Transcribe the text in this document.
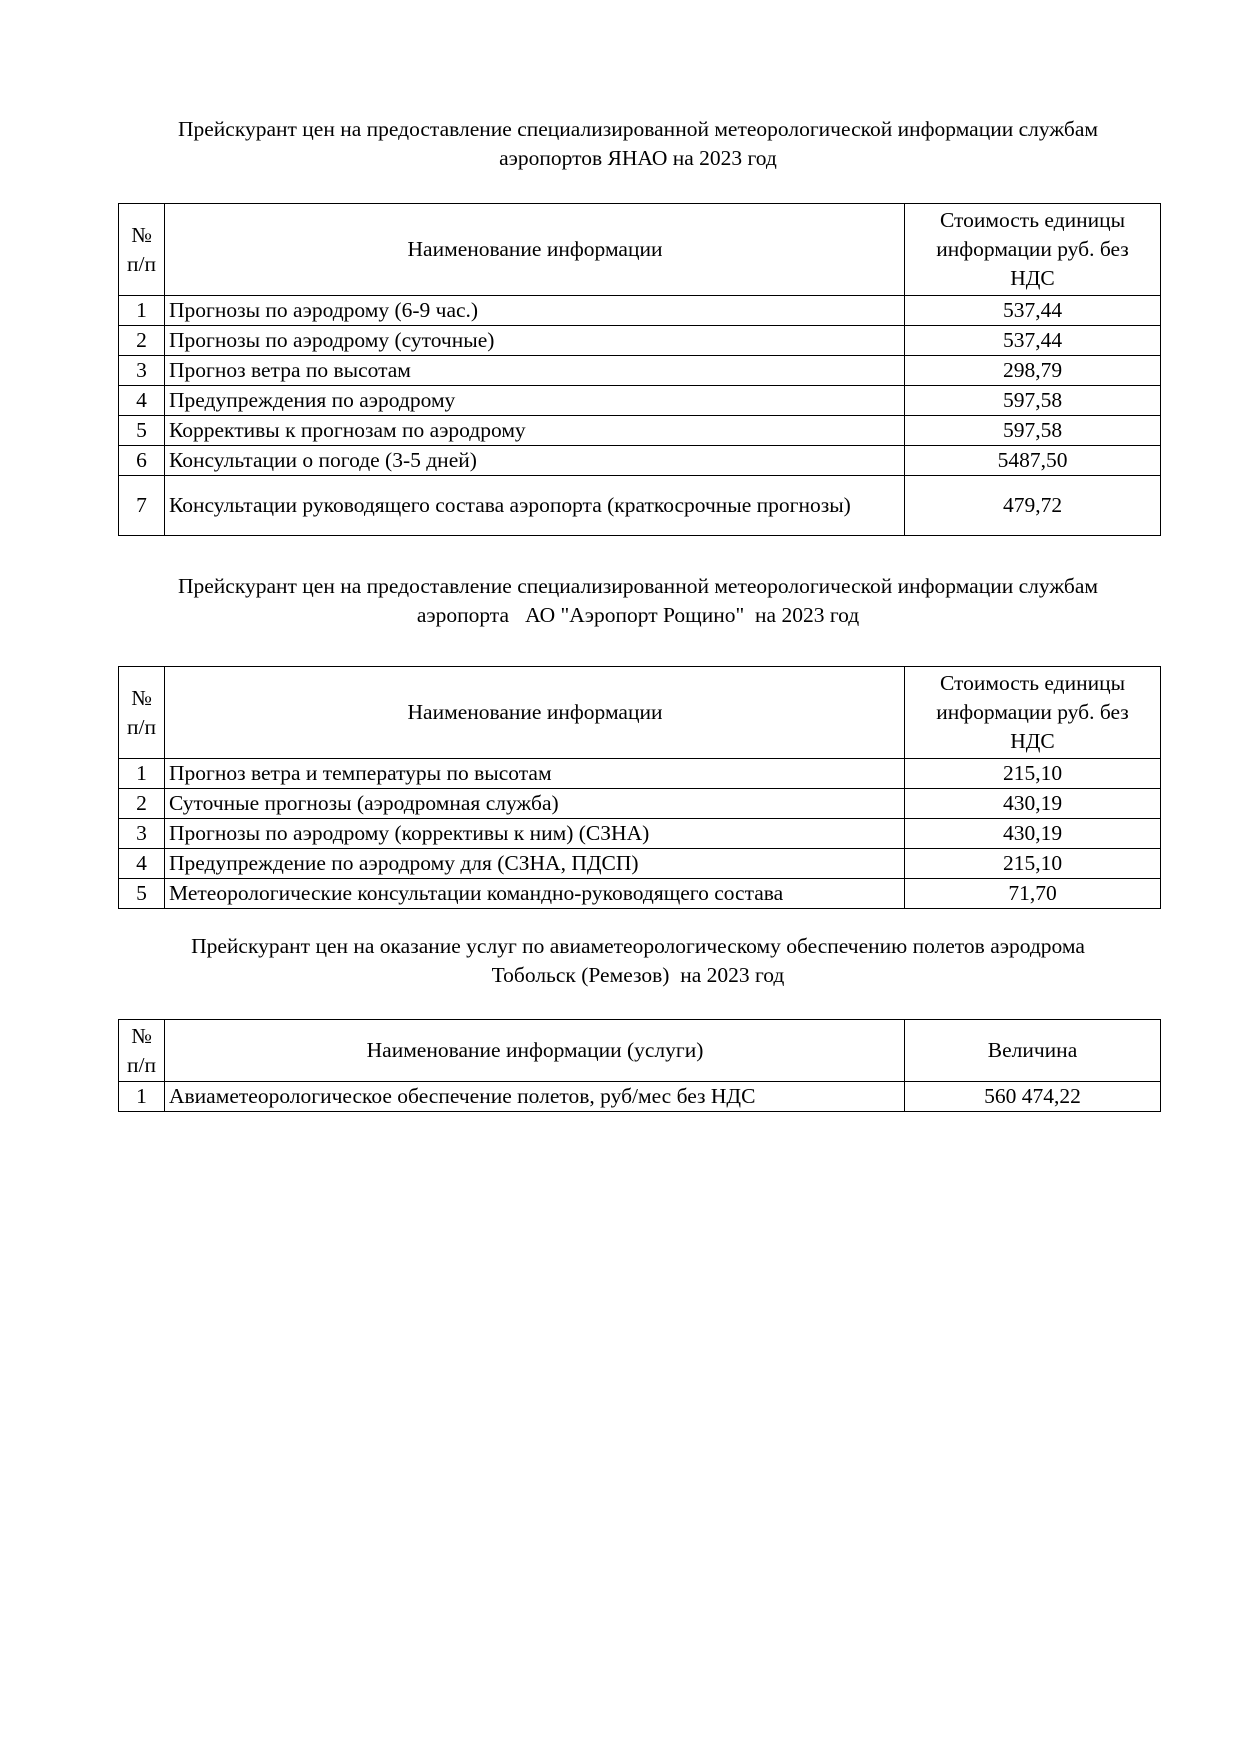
Прейскурант цен на предоставление специализированной метеорологической информации службам
аэропортов ЯНАО на 2023 год
№
п/п	Наименование информации	Стоимость единицы
информации руб. без
НДС

1	Прогнозы по аэродрому (6-9 час.)	537,44
2	Прогнозы по аэродрому (суточные)	537,44
3	Прогноз ветра по высотам	298,79
4	Предупреждения по аэродрому	597,58
5	Коррективы к прогнозам по аэродрому	597,58
6	Консультации о погоде (3-5 дней)	5487,50
7	Консультации руководящего состава аэропорта (краткосрочные прогнозы)	479,72
Прейскурант цен на предоставление специализированной метеорологической информации службам
аэропорта   АО "Аэропорт Рощино"  на 2023 год
№
п/п	Наименование информации	Стоимость единицы
информации руб. без
НДС

1	Прогноз ветра и температуры по высотам	215,10
2	Суточные прогнозы (аэродромная служба)	430,19
3	Прогнозы по аэродрому (коррективы к ним) (СЗНА)	430,19
4	Предупреждение по аэродрому для (СЗНА, ПДСП)	215,10
5	Метеорологические консультации командно-руководящего состава	71,70
Прейскурант цен на оказание услуг по авиаметеорологическому обеспечению полетов аэродрома
Тобольск (Ремезов)  на 2023 год
№
п/п	Наименование информации (услуги)	Величина
1	Авиаметеорологическое обеспечение полетов, руб/мес без НДС	560 474,22
